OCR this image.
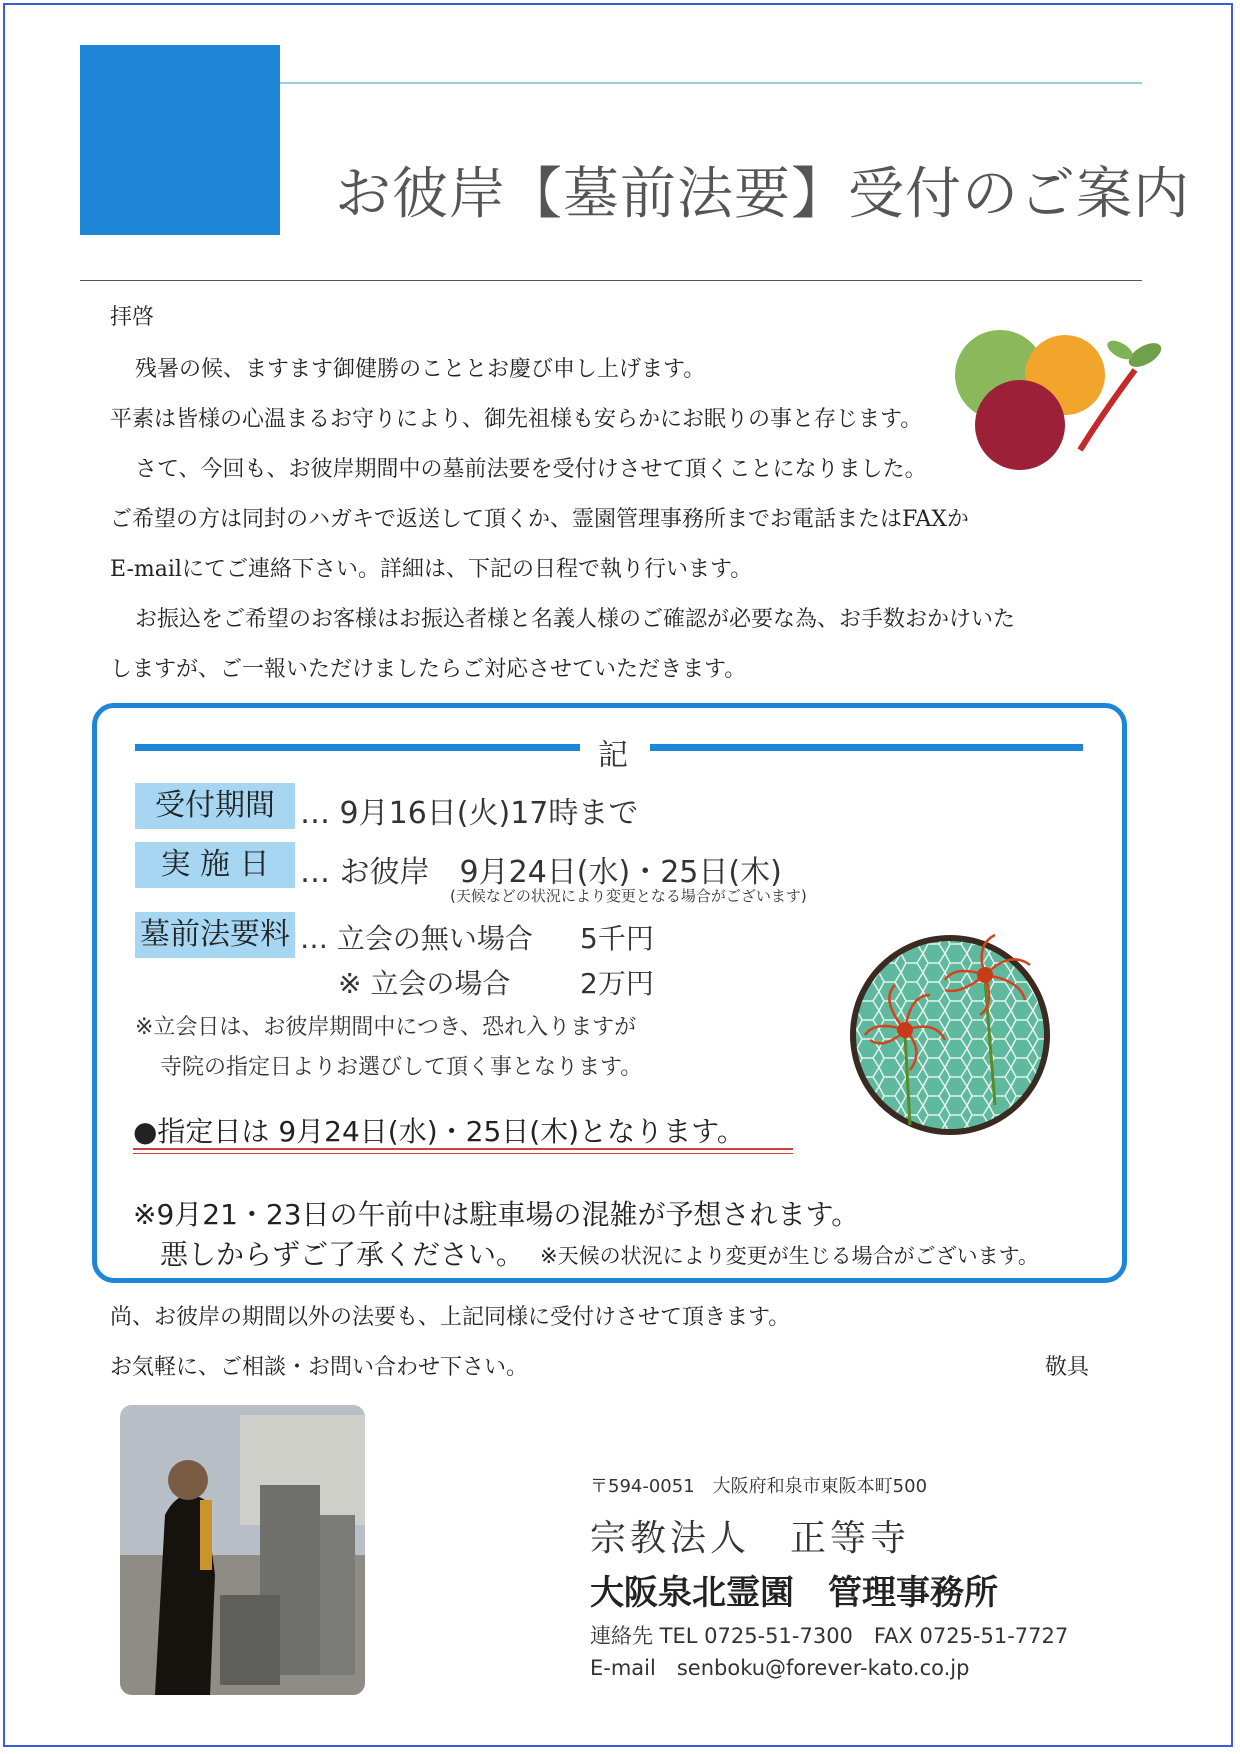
お彼岸【墓前法要】受付のご案内
拝啓
残暑の候、ますます御健勝のこととお慶び申し上げます。
平素は皆様の心温まるお守りにより、御先祖様も安らかにお眠りの事と存じます。
さて、今回も、お彼岸期間中の墓前法要を受付けさせて頂くことになりました。
ご希望の方は同封のハガキで返送して頂くか、霊園管理事務所までお電話またはFAXか
E-mailにてご連絡下さい。詳細は、下記の日程で執り行います。
お振込をご希望のお客様はお振込者様と名義人様のご確認が必要な為、お手数おかけいた
しますが、ご一報いただけましたらご対応させていただきます。
記
受付期間 … 9月16日(火)17時まで
実 施 日	… お彼岸　9月24日(水)・25日(木)
(天候などの状況により変更となる場合がございます)
墓前法要料 … 立会の無い場合 5千円
※ 立会の場合 2万円
※立会日は、お彼岸期間中につき、恐れ入りますが
寺院の指定日よりお選びして頂く事となります。
●指定日は 9月24日(水)・25日(木)となります。
※9月21・23日の午前中は駐車場の混雑が予想されます。
悪しからずご了承ください。 ※天候の状況により変更が生じる場合がございます。
尚、お彼岸の期間以外の法要も、上記同様に受付けさせて頂きます。
お気軽に、ご相談・お問い合わせ下さい。	敬具
〒594-0051　大阪府和泉市東阪本町500
宗教法人　正等寺
大阪泉北霊園　管理事務所
連絡先 TEL 0725-51-7300　FAX 0725-51-7727
E-mail　senboku@forever-kato.co.jp
